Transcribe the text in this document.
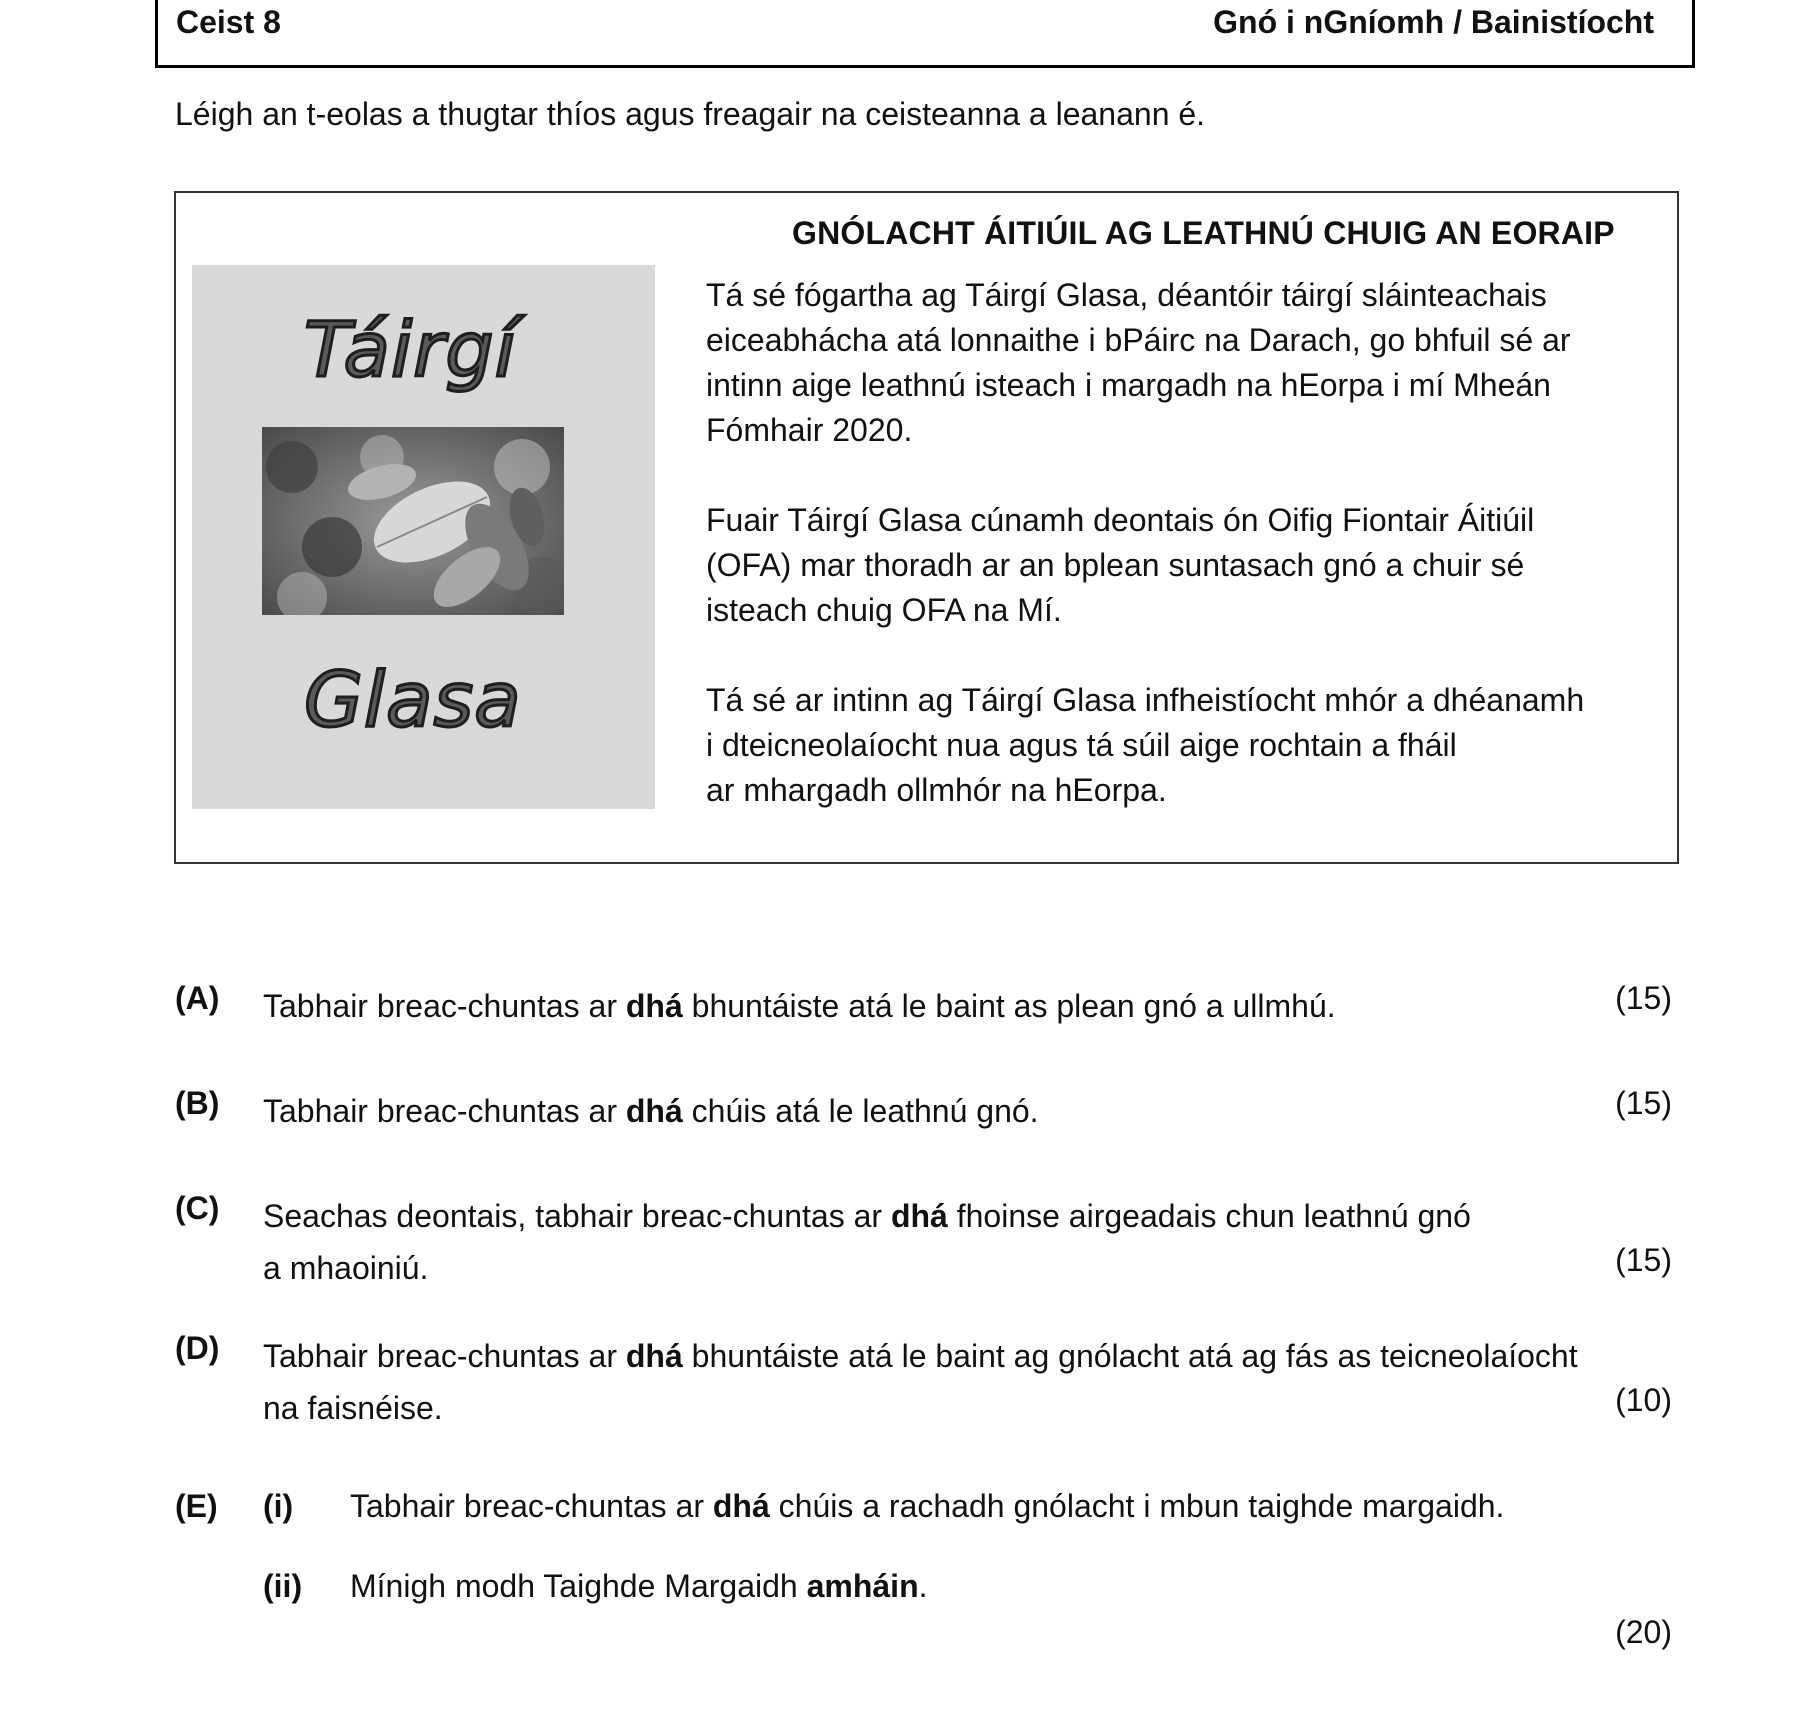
Ceist 8	Gnó i nGníomh / Bainistíocht
Léigh an t-eolas a thugtar thíos agus freagair na ceisteanna a leanann é.
Táirgí
Glasa
GNÓLACHT ÁITIÚIL AG LEATHNÚ CHUIG AN EORAIP

Tá sé fógartha ag Táirgí Glasa, déantóir táirgí sláinteachais
eiceabhácha atá lonnaithe i bPáirc na Darach, go bhfuil sé ar
intinn aige leathnú isteach i margadh na hEorpa i mí Mheán
Fómhair 2020.

Fuair Táirgí Glasa cúnamh deontais ón Oifig Fiontair Áitiúil
(OFA) mar thoradh ar an bplean suntasach gnó a chuir sé
isteach chuig OFA na Mí.

Tá sé ar intinn ag Táirgí Glasa infheistíocht mhór a dhéanamh
i dteicneolaíocht nua agus tá súil aige rochtain a fháil
ar mhargadh ollmhór na hEorpa.

(A) Tabhair breac-chuntas ar dhá bhuntáiste atá le baint as plean gnó a ullmhú.	(15)
(B) Tabhair breac-chuntas ar dhá chúis atá le leathnú gnó.	(15)
(C) Seachas deontais, tabhair breac-chuntas ar dhá fhoinse airgeadais chun leathnú gnó
a mhaoiniú.	(15)
(D) Tabhair breac-chuntas ar dhá bhuntáiste atá le baint ag gnólacht atá ag fás as teicneolaíocht
na faisnéise.	(10)
(E) (i) Tabhair breac-chuntas ar dhá chúis a rachadh gnólacht i mbun taighde margaidh.
(ii) Mínigh modh Taighde Margaidh amháin.
(20)
